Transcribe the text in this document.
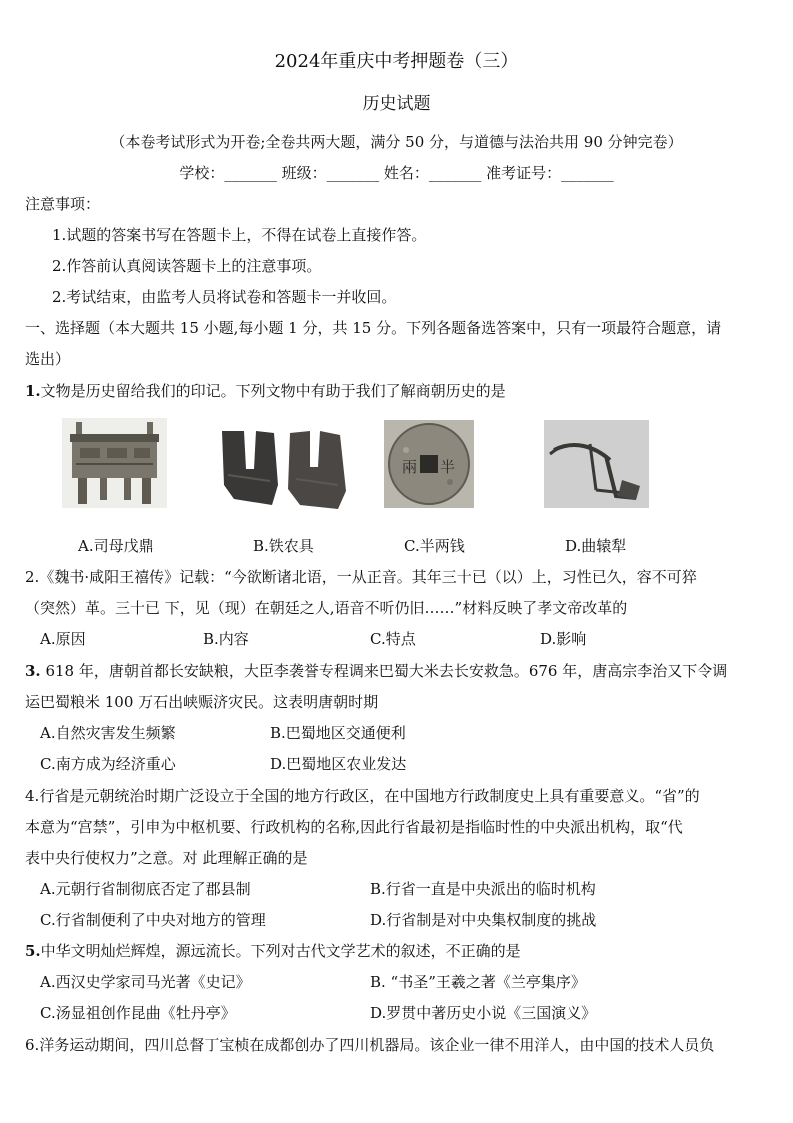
2024年重庆中考押题卷（三）
历史试题
（本卷考试形式为开卷;全卷共两大题，满分 50 分，与道德与法治共用 90 分钟完卷）
学校：_______ 班级：_______ 姓名：_______ 准考证号：_______
注意事项：
1.试题的答案书写在答题卡上，不得在试卷上直接作答。
2.作答前认真阅读答题卡上的注意事项。
2.考试结束，由监考人员将试卷和答题卡一并收回。
一、选择题（本大题共 15 小题,每小题 1 分，共 15 分。下列各题备选答案中，只有一项最符合题意，请
选出）
1.文物是历史留给我们的印记。下列文物中有助于我们了解商朝历史的是
兩 半
A.司母戊鼎	B.铁农具	C.半两钱	D.曲辕犁
2.《魏书·咸阳王禧传》记载：“今欲断诸北语，一从正音。其年三十已（以）上，习性已久，容不可猝
（突然）革。三十已 下，见（现）在朝廷之人,语音不听仍旧……”材料反映了孝文帝改革的
A.原因	B.内容	C.特点	D.影响
3. 618 年，唐朝首都长安缺粮，大臣李袭誉专程调来巴蜀大米去长安救急。676 年，唐高宗李治又下令调
运巴蜀粮米 100 万石出峡赈济灾民。这表明唐朝时期
A.自然灾害发生频繁	B.巴蜀地区交通便利
C.南方成为经济重心	D.巴蜀地区农业发达
4.行省是元朝统治时期广泛设立于全国的地方行政区，在中国地方行政制度史上具有重要意义。“省”的
本意为“宫禁”，引申为中枢机要、行政机构的名称,因此行省最初是指临时性的中央派出机构，取“代
表中央行使权力”之意。对 此理解正确的是
A.元朝行省制彻底否定了郡县制	B.行省一直是中央派出的临时机构
C.行省制便利了中央对地方的管理	D.行省制是对中央集权制度的挑战
5.中华文明灿烂辉煌，源远流长。下列对古代文学艺术的叙述，不正确的是
A.西汉史学家司马光著《史记》	B. “书圣”王羲之著《兰亭集序》
C.汤显祖创作昆曲《牡丹亭》	D.罗贯中著历史小说《三国演义》
6.洋务运动期间，四川总督丁宝桢在成都创办了四川机器局。该企业一律不用洋人，由中国的技术人员负
